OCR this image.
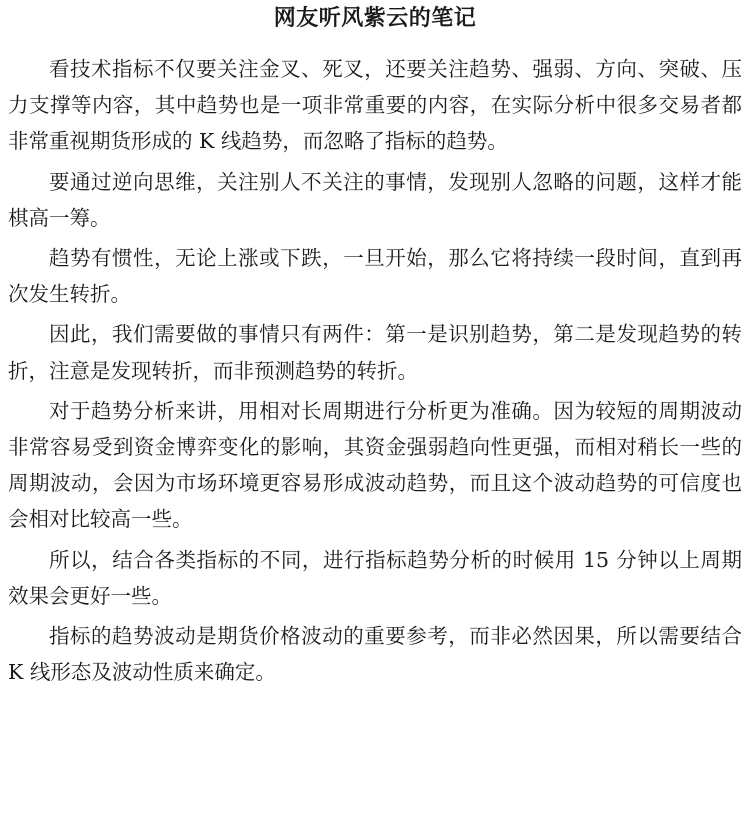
网友听风紫云的笔记

看技术指标不仅要关注金叉、死叉，还要关注趋势、强弱、方向、突破、压力支撑等内容，其中趋势也是一项非常重要的内容，在实际分析中很多交易者都非常重视期货形成的 K 线趋势，而忽略了指标的趋势。

要通过逆向思维，关注别人不关注的事情，发现别人忽略的问题，这样才能棋高一筹。

趋势有惯性，无论上涨或下跌，一旦开始，那么它将持续一段时间，直到再次发生转折。

因此，我们需要做的事情只有两件：第一是识别趋势，第二是发现趋势的转折，注意是发现转折，而非预测趋势的转折。

对于趋势分析来讲，用相对长周期进行分析更为准确。因为较短的周期波动非常容易受到资金博弈变化的影响，其资金强弱趋向性更强，而相对稍长一些的周期波动，会因为市场环境更容易形成波动趋势，而且这个波动趋势的可信度也会相对比较高一些。

所以，结合各类指标的不同，进行指标趋势分析的时候用 15 分钟以上周期效果会更好一些。

指标的趋势波动是期货价格波动的重要参考，而非必然因果，所以需要结合 K 线形态及波动性质来确定。
